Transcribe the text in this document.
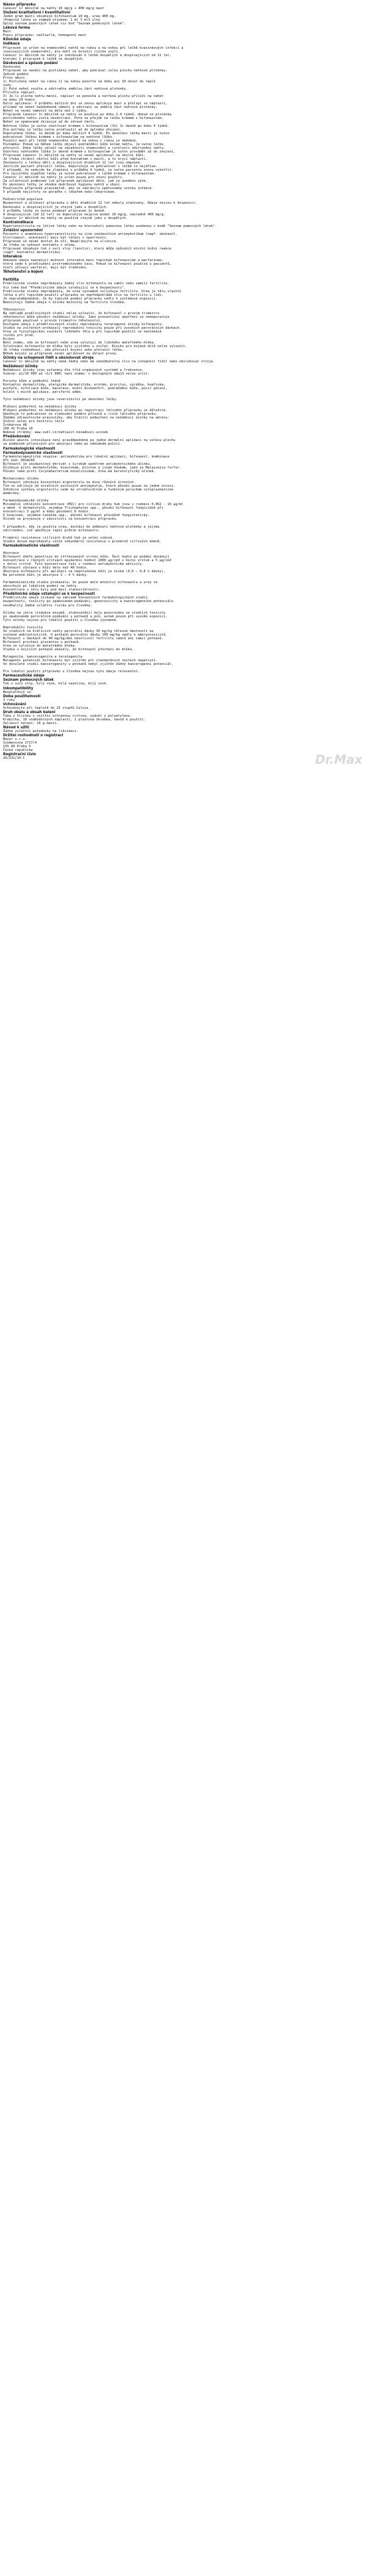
Název přípravku
Canesor 1× měsíčně na nehty 10 mg/g + 400 mg/g mast
Složení kvalitativní i kvantitativní
Jeden gram masti obsahuje bifonazolum 10 mg, urea 400 mg.
•Pomocná látka se známým účinkem: 1 ml 3 ml3 vlny
Úplný seznam pomocných látek viz bod "Seznam pomocných látek".
Léková forma
Mast
Popis přípravku: nažloutlá, homogenní mast
Klinické údaje
Indikace
Přípravek je určen na onemocnění nehtů na rukou a na nohou při léčbě kvasinkových infekcí a
souvisejících onemocnění, ale mohl se bolešit rizika snýtí.
Canesor 1× měsíčně na nehty je indikován k léčbě dospělých a dospívajících od 12 let,
kterými 1 přípravek k léčbě ve dospělých.
Dávkování a způsob podání
Dávkování
Přípravek se nanáší na postižený nehet, aby pokrýval celou plochu nehtové ploténky.
Způsob podání
První měsíc
1) Postižený nehet na rukou či na nohou ponořte na dobu asi 10 minut do teplé
vody.
2) Poté nehet osušte a odstraňte změklou část nehtové ploténky.
Přiložte náplast.
3) Je-li plocha nehtu menší, náplast se ponechá a natřená plochu přiloží na nehet
na dobu 24 hodin.
Další aplikace: V průběhu dalších dní se znovu aplikuje mast a přelepí se náplastí,
přičemž se nehet každodenně odmočí a odstraní se změklá část nehtové ploténky.
Nehet se nesmí namočit na déle než 2 týdny.
Přípravek Canesor 1× měsíčně na nehty se používá po dobu 2-4 týdnů, dokud se ploténka
postiženého nehtu zcela neodstraní. Poté se přejde na léčbu krémem s bifonazolem.
Nehet se opakovaně zkracuje až do zdravé části.
Nehtové lůžko je nutno ošetřovat krémem s bifonazolem (1%) 1× denně po dobu 4 týdnů.
Dle potřeby je léčbu nutno prodloužit až do úplného zhojení.
Doporučená léčba: 1x denně po dobu dalších 4 týdnů. Po ukončení léčby mastí je nutno
pokračovat léčbou krémem s bifonazolem na nehtové lůžko.
Použití mast při léčbě onemocnění nehtů na nohou i rukou je obdobné.
Poznámka: Pokud se během léčby objeví podráždění kůže kolem nehtu, je nutno léčbu
přerušit. Doba léčby záleží na závažnosti onemocnění a rychlosti odstranění nehtu.
Ošetření nehtového lůžka 1× denně krémem s bifonazolem je nutno provádět až do zhojení.
Přípravek Canesor 1× měsíčně na nehty se nesmí aplikovat na okolní kůži.
Je třeba chránit okolní kůži před kontaktem s mastí, a to krycí náplastí.
Zkušenosti s léčbou dětí a dospívajících mladších 12 let jsou omezené.
Jestliže pacient přerušil léčbu, doporučuje se pokračovat v léčbě co nejdříve.
V případě, že nedojde ke zlepšení v průběhu 4 týdnů, je nutno pacienta znovu vyšetřit.
Pro zajištění úspěšné léčby je nutné pokračovat v léčbě krémem s bifonazolem.
Canesor 1× měsíčně na nehty je určen pouze pro zevní použití.
Za zvláštních podmínek lze přípravek aplikovat déle, jak je uvedeno výše.
Po ukončení léčby je vhodné dodržovat hygienu nehtů a obuvi.
Používejte přípravek pravidelně, aby se zabránilo opětovnému vzniku infekce.
V případě nejistoty se poraďte s lékařem nebo lékárníkem.
Pediatrická populace
Bezpečnost a účinnost přípravku u dětí mladších 12 let nebyly stanoveny. Údaje nejsou k dispozici.
Dávkování u dospívajících je stejné jako u dospělých.
V průběhu léčby je nutno podávat přípravek 1x denně.
A dospívajícím (od 12 let) se doporučuje nejprve podat 10 mg/g, následně 400 mg/g.
Canesor 1× měsíčně na nehty se používá stejně jako u dospělých.
Kontraindikace
Hypersenzitivita na léčivé látky nebo na kteroukoli pomocnou látku uvedenou v bodě "Seznam pomocných látek".
Zvláštní upozornění
Pacienti s anamnézou hypersenzitivity na jiné imidazolové antimykotikum (např. ekonazol,
klotrimazol, mikonazol) mají být léčeni s opatrností.
Přípravek se nesmí dostat do očí. Neaplikujte na sliznice.
Je třeba se vyhnout kontaktu s očima.
Přípravek obsahuje tuk z ovčí vlny (lanolin), který může způsobit místní kožní reakce
(např. kontaktní dermatitidu).
Interakce
Omezené údaje naznačují možnost interakce mezi topickým bifonazolem a warfarinem,
která vede k prodloužení protrombinového času. Pokud se bifonazol používá u pacientů,
kteří užívají warfarin, mají být sledováni.
Těhotenství a kojení
Fertilita
Preklinické studie neprokázaly žádný vliv bifonazolu na samčí nebo samičí fertilitu.
Viz také bod "Předklinické údaje vztahující se k bezpečnosti".
Preklinické studie neprokázaly, že urea významně ovlivňuje fertilitu. Urea je tělu vlastní
látka a při topickém použití přípravku se nepředpokládá vliv na fertilitu u lidí.
Je nepravděpodobné, že by topické podání přípravku vedlo k systémové expozici.
Neexistují žádné údaje o účinku močoviny na fertilitu člověka.
Těhotenství
Na základě preklinických studií nelze vyloučit, že bifonazol v prvním trimestru
těhotenství může působit nežádoucí účinky. Jako preventivní opatření se nedoporučuje
přípravek používat v prvním trimestru těhotenství.
Dostupné údaje z předklinických studií neprokázaly teratogenní účinky bifonazolu.
Studie na zvířatech prokázaly reprodukční toxicitu pouze při vysokých perorálních dávkách.
Urea je fyziologickou součástí lidského těla a při topickém použití se neočekává
riziko pro plod.
Kojení
Není známo, zda se bifonazol nebo urea vylučují do lidského mateřského mléka.
Vylučování bifonazolu do mléka bylo zjištěno u zvířat. Riziko pro kojené dítě nelze vyloučit.
Je třeba rozhodnout, zda přerušit kojení nebo přerušit léčbu.
Během kojení se přípravek nesmí aplikovat na oblast prsou.
Účinky na schopnost řídit a obsluhovat stroje
Canesor 1× měsíčně na nehty nemá žádný nebo má zanedbatelný vliv na schopnost řídit nebo obsluhovat stroje.
Nežádoucí účinky
Nežádoucí účinky jsou seřazeny dle tříd orgánových systémů a frekvence.
Vzácné: ≥1/10 000 až <1/1 000; není známo: z dostupných údajů nelze určit.
Poruchy kůže a podkožní tkáně
Kontaktní dermatitida, alergická dermatitida, erytém, pruritus, vyrážka, kopřivka,
puchýře, exfoliace kůže, macerace, kožní diskomfort, podráždění kůže, pocit pálení,
bolest v místě aplikace, periferní edém.
Tyto nežádoucí účinky jsou reverzibilní po ukončení léčby.
Hlášení podezření na nežádoucí účinky
Hlášení podezření na nežádoucí účinky po registraci léčivého přípravku je důležité.
Umožňuje to pokračovat ve sledování poměru přínosů a rizik léčivého přípravku.
Žádáme zdravotnické pracovníky, aby hlásili podezření na nežádoucí účinky na adresu:
Státní ústav pro kontrolu léčiv
Šrobárova 48
100 41 Praha 10
Webové stránky: www.sukl.cz/nahlasit-nezadouci-ucinek
Předávkování
Riziko akutní intoxikace není pravděpodobné po jedné dermální aplikaci na velkou plochu
za podmínek příznivých pro absorpci nebo po náhodném požití.
Farmakologické vlastnosti
Farmakodynamické vlastnosti
Farmakoterapeutická skupina: antimykotika pro lokální aplikaci, bifonazol, kombinace
ATC kód: D01AC60
Bifonazol je imidazolový derivát s širokým spektrem antimykotického účinku.
Účinkuje proti dermatofytům, kvasinkám, plísním a jiným houbám, jako je Malassezia furfur.
Působí také proti Corynebacterium minutissimum. Urea má keratolytický účinek.
Mechanismus účinku
Bifonazol inhibuje biosyntézu ergosterolu na dvou různých úrovních.
Tím se odlišuje od ostatních azolových antimykotik, které působí pouze na jedné úrovni.
Inhibice syntézy ergosterolu vede ke strukturálním a funkčním poruchám cytoplazmatické
membrány.
Farmakodynamické účinky
Minimální inhibiční koncentrace (MIC) pro citlivé druhy hub jsou v rozmezí 0,062 - 16 µg/ml
a méně. U dermatofytů, zejména Trichophyton spp., působí bifonazol fungicidně při
koncentraci 5 µg/ml a dobu působení 6 hodin.
U kvasinek, zejména Candida spp., působí bifonazol převážně fungistaticky.
Účinek se projevuje v závislosti na koncentraci přípravku.
V případech, kdy je použita urea, dochází ke změknutí nehtové ploténky a jejímu
odstranění, což umožňuje lepší průnik bifonazolu.
Primární rezistence citlivých druhů hub je velmi vzácná.
Studie dosud neprokázaly vznik sekundární rezistence u primárně citlivých kmenů.
Farmakokinetické vlastnosti
Absorpce
Bifonazol dobře penetruje do infikovaných vrstev kůže. Šest hodin po podání dosahují
koncentrace v různých vrstvách epidermis hodnot 1000 µg/cm3 v horní vrstvě a 5 µg/cm3
v dolní vrstvě. Tyto koncentrace leží v rozmezí antimykotické aktivity.
Bifonazol zůstává v kůži déle než 48 hodin.
Absorpce bifonazolu při aplikaci na neporušenou kůži je nízká (0,6 – 0,8 % dávky).
Na porušené kůži je absorpce 2 – 4 % dávky.
Farmakokinetická studie prokázala, že pouze malé množství bifonazolu a urey se
absorbuje po lokálním podání na nehty.
Koncentrace v séru byly pod mezí stanovitelnosti.
Předklinické údaje vztahující se k bezpečnosti
Předklinické údaje získané na základě konvenčních farmakologických studií
bezpečnosti, toxicity po opakovaném podávání, genotoxicity a kancerogenního potenciálu
neodhalily žádné zvláštní riziko pro člověka.
Účinky na játra (indukce enzymů, ztukovatění) byly pozorovány ve studiích toxicity
po opakovaném perorálním podávání u potkanů a psů, avšak pouze při vysoké expozici.
Tyto účinky nejsou pro lokální použití u člověka významné.
Reprodukční toxicita
Ve studiích na králících vedly perorální dávky 30 mg/kg tělesné hmotnosti ke
zvýšené embryotoxicitě. U potkanů perorální dávky 100 mg/kg vedly k embryotoxicitě.
Bifonazol v dávkách do 40 mg/kg/den neovlivnil fertilitu samců ani samic potkanů.
Bifonazol prochází placentou u potkanů.
Urea se vylučuje do mateřského mléka.
Studie u kojících potkanů ukázaly, že bifonazol přechází do mléka.
Mutagenita, kancerogenita a teratogenita
Mutagenní potenciál bifonazolu byl zjištěn při standardních testech negativní.
Ve dvouleté studii kancerogenity u potkanů nebyl zjištěn žádný kancerogenní potenciál.
Pro lokální použití přípravku u člověka nejsou tyto údaje relevantní.
Farmaceutické údaje
Seznam pomocných látek
Tuk z ovčí vlny, bílý vosk, bílá vazelína, bílý vosk.
Inkompatibility
Neuplatňuje se.
Doba použitelnosti
3 roky
Uchovávání
Uchovávejte při teplotě do 25 stupňů Celsia.
Druh obalu a obsah balení
Tuba z hliníku s vnitřní ochrannou vrstvou, uzávěr z polyetylenu.
Krabička, 10 voděodolných náplastí, 1 plastová škrabka, návod k použití.
Velikost balení: 10 g masti.
Návod k užití
Žádné zvláštní požadavky na likvidaci.
Držitel rozhodnutí o registraci
Bayer s.r.o.
Siemensova 2717/4
155 00 Praha 5
Česká republika
Registrační číslo
26/231/10-C	Dr.Max
